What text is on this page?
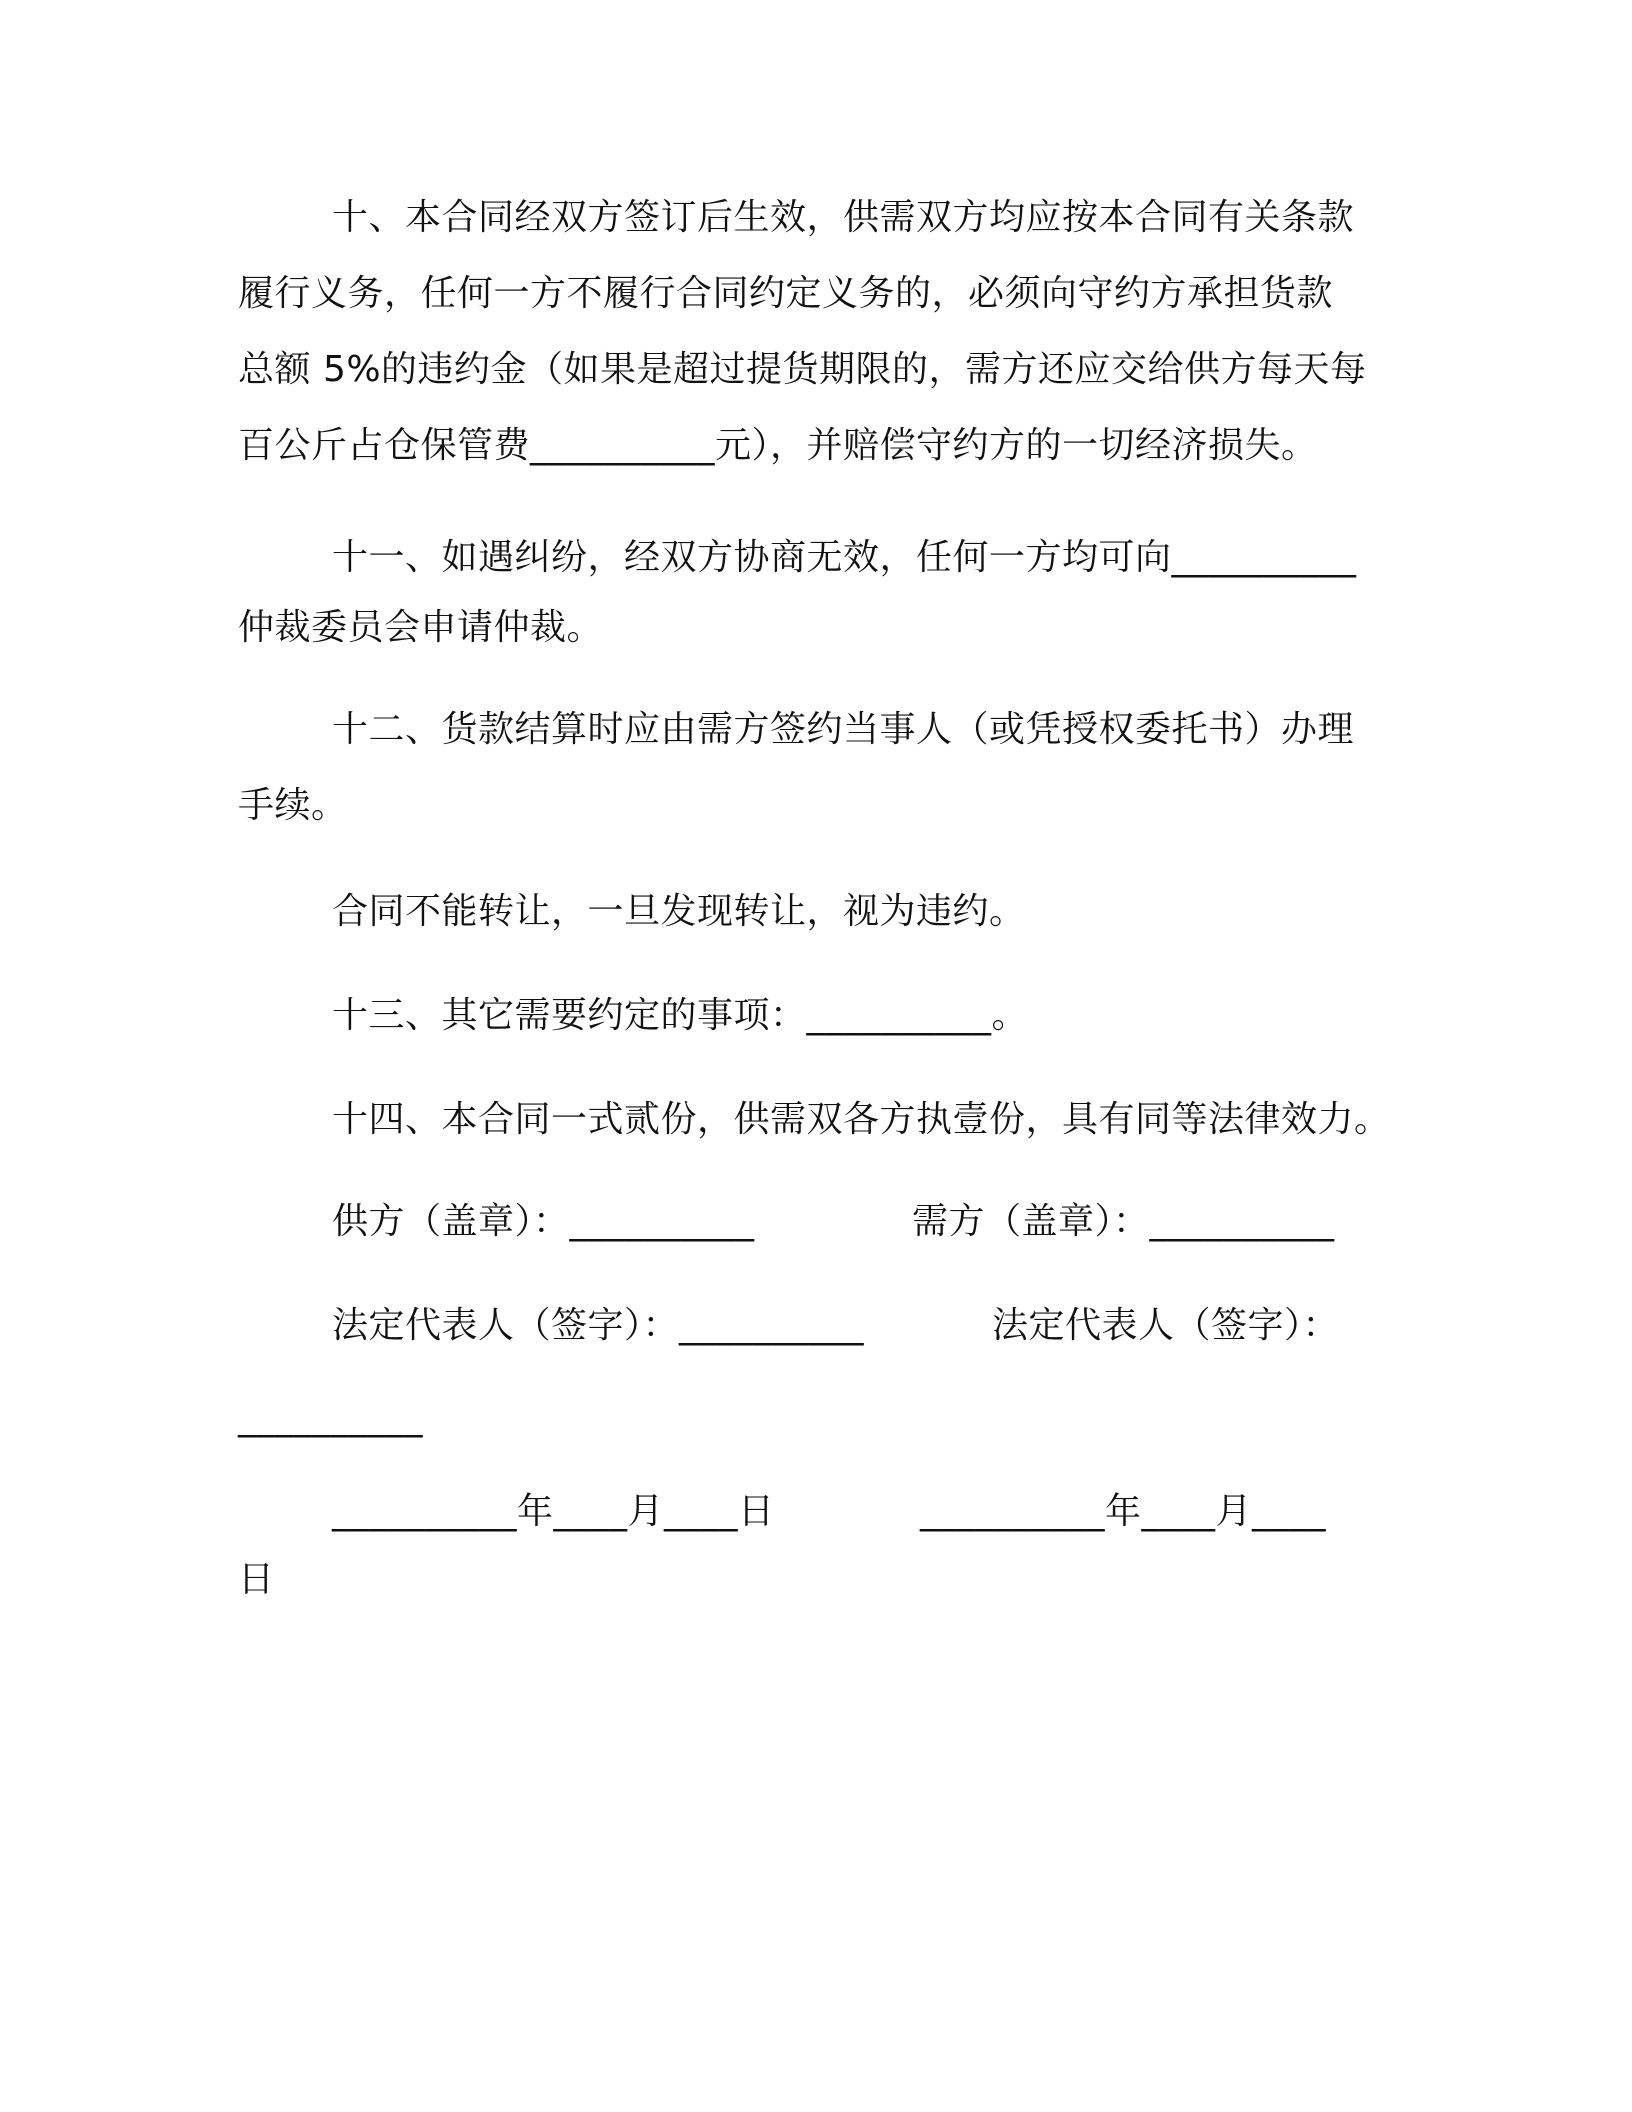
十、本合同经双方签订后生效，供需双方均应按本合同有关条款
履行义务，任何一方不履行合同约定义务的，必须向守约方承担货款
总额 5%的违约金（如果是超过提货期限的，需方还应交给供方每天每
百公斤占仓保管费__________元），并赔偿守约方的一切经济损失。
十一、如遇纠纷，经双方协商无效，任何一方均可向__________
仲裁委员会申请仲裁。
十二、货款结算时应由需方签约当事人（或凭授权委托书）办理
手续。
合同不能转让，一旦发现转让，视为违约。
十三、其它需要约定的事项：__________。
十四、本合同一式贰份，供需双各方执壹份，具有同等法律效力。
供方（盖章）：__________	需方（盖章）：__________
法定代表人（签字）：__________	法定代表人（签字）：
__________
__________年____月____日	__________年____月____
日
